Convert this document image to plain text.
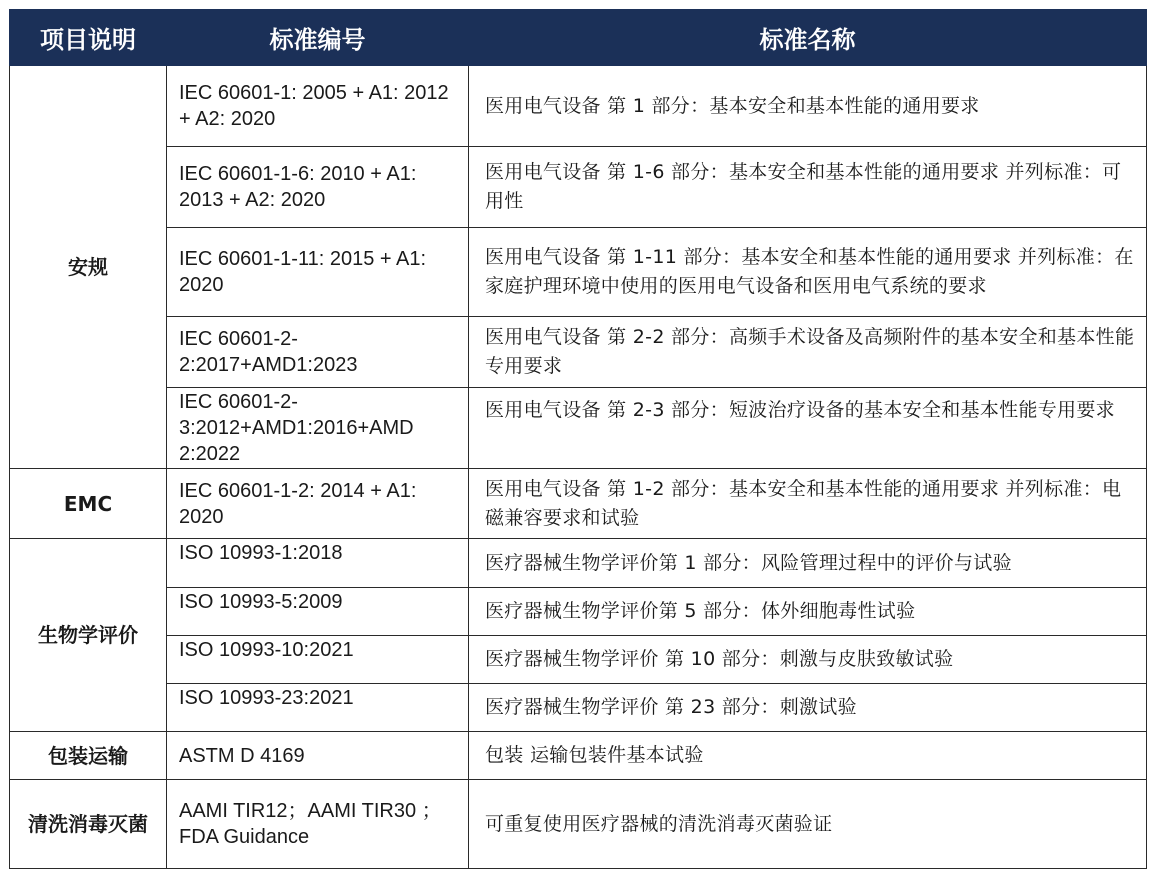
项目说明	标准编号	标准名称
安规	IEC 60601-1: 2005 + A1: 2012 + A2: 2020	医用电气设备 第 1 部分：基本安全和基本性能的通用要求
	IEC 60601-1-6: 2010 + A1: 2013 + A2: 2020	医用电气设备 第 1-6 部分：基本安全和基本性能的通用要求 并列标准：可用性
	IEC 60601-1-11: 2015 + A1: 2020	医用电气设备 第 1-11 部分：基本安全和基本性能的通用要求 并列标准：在家庭护理环境中使用的医用电气设备和医用电气系统的要求
	IEC 60601-2-2:2017+AMD1:2023	医用电气设备 第 2-2 部分：高频手术设备及高频附件的基本安全和基本性能专用要求
	IEC 60601-2-3:2012+AMD1:2016+AMD 2:2022	医用电气设备 第 2-3 部分：短波治疗设备的基本安全和基本性能专用要求
EMC	IEC 60601-1-2: 2014 + A1: 2020	医用电气设备 第 1-2 部分：基本安全和基本性能的通用要求 并列标准：电磁兼容要求和试验
生物学评价	ISO 10993-1:2018	医疗器械生物学评价第 1 部分：风险管理过程中的评价与试验
	ISO 10993-5:2009	医疗器械生物学评价第 5 部分：体外细胞毒性试验
	ISO 10993-10:2021	医疗器械生物学评价 第 10 部分：刺激与皮肤致敏试验
	ISO 10993-23:2021	医疗器械生物学评价 第 23 部分：刺激试验
包装运输	ASTM D 4169	包装 运输包装件基本试验
清洗消毒灭菌	AAMI TIR12；AAMI TIR30 ；FDA Guidance	可重复使用医疗器械的清洗消毒灭菌验证
